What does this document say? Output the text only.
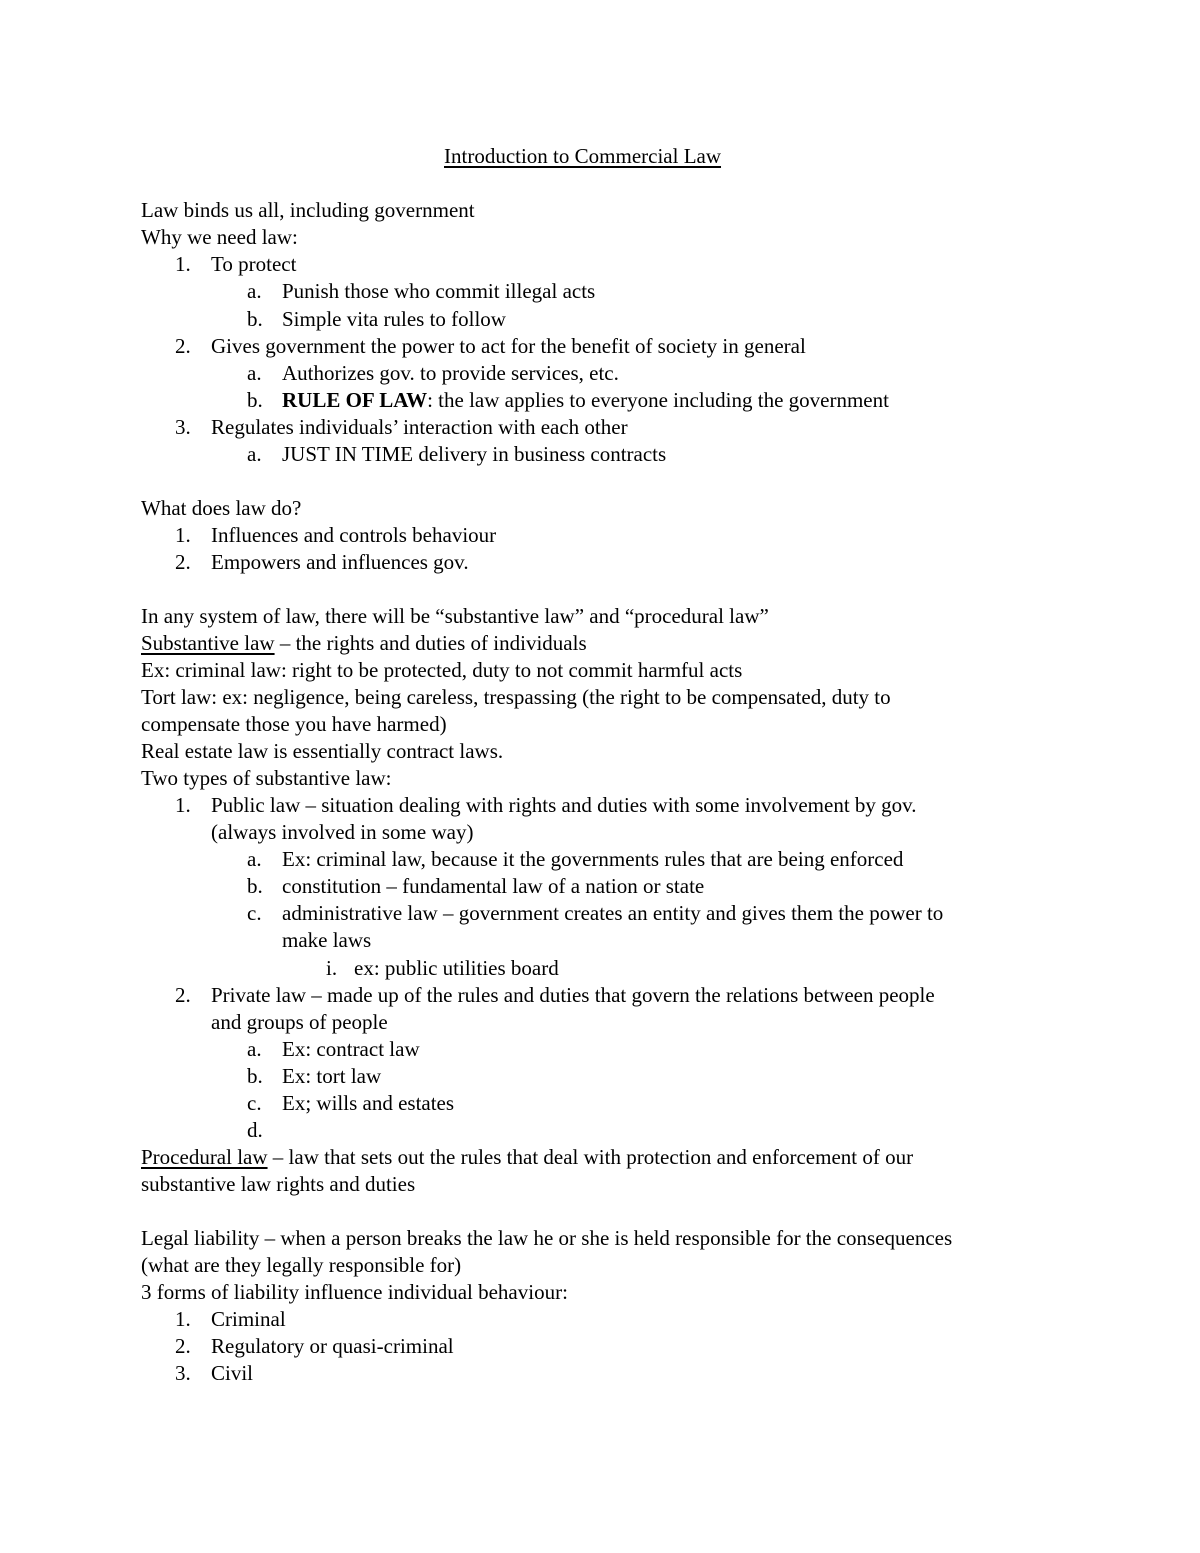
Introduction to Commercial Law
Law binds us all, including government
Why we need law:
1. To protect
a. Punish those who commit illegal acts
b. Simple vita rules to follow
2. Gives government the power to act for the benefit of society in general
a. Authorizes gov. to provide services, etc.
b. RULE OF LAW: the law applies to everyone including the government
3. Regulates individuals’ interaction with each other
a. JUST IN TIME delivery in business contracts
What does law do?
1. Influences and controls behaviour
2. Empowers and influences gov.
In any system of law, there will be “substantive law” and “procedural law”
Substantive law – the rights and duties of individuals
Ex: criminal law: right to be protected, duty to not commit harmful acts
Tort law: ex: negligence, being careless, trespassing (the right to be compensated, duty to
compensate those you have harmed)
Real estate law is essentially contract laws.
Two types of substantive law:
1. Public law – situation dealing with rights and duties with some involvement by gov.
(always involved in some way)
a. Ex: criminal law, because it the governments rules that are being enforced
b. constitution – fundamental law of a nation or state
c. administrative law – government creates an entity and gives them the power to
make laws
i. ex: public utilities board
2. Private law – made up of the rules and duties that govern the relations between people
and groups of people
a. Ex: contract law
b. Ex: tort law
c. Ex; wills and estates
d.
Procedural law – law that sets out the rules that deal with protection and enforcement of our
substantive law rights and duties
Legal liability – when a person breaks the law he or she is held responsible for the consequences
(what are they legally responsible for)
3 forms of liability influence individual behaviour:
1. Criminal
2. Regulatory or quasi-criminal
3. Civil
